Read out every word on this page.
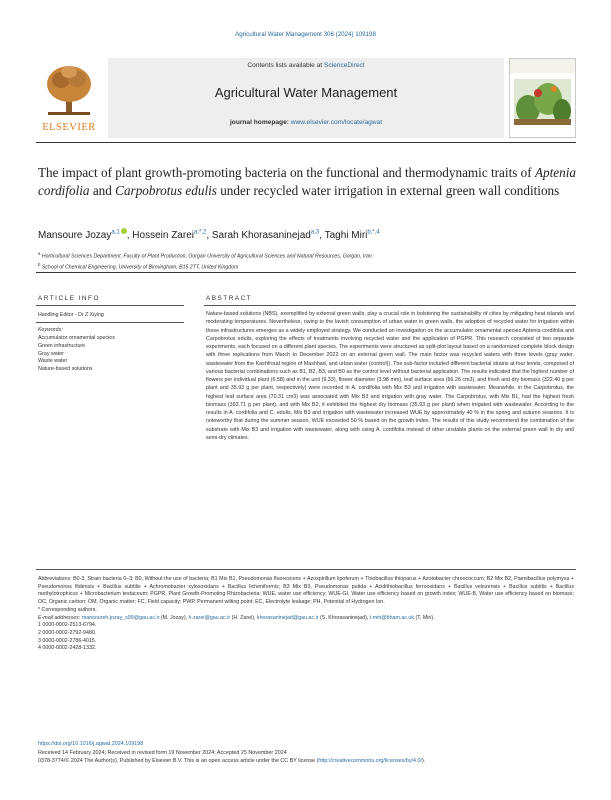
Agricultural Water Management 306 (2024) 109198
ELSEVIER
Contents lists available at ScienceDirect
Agricultural Water Management
journal homepage: www.elsevier.com/locate/agwat
The impact of plant growth-promoting bacteria on the functional and thermodynamic traits of Aptenia cordifolia and Carpobrotus edulis under recycled water irrigation in external green wall conditions
Mansoure Jozay$^{a,1}$ , Hossein Zarei$^{a,*,2}$, Sarah Khorasaninejad$^{a,3}$, Taghi Miri$^{b,*,4}$
$^a$ Horticultural Sciences Department, Faculty of Plant Production, Gorgan University of Agricultural Sciences and Natural Resources, Gorgan, Iran
$^b$ School of Chemical Engineering, University of Birmingham, B15 2TT, United Kingdom
ARTICLE INFO
Handling Editor - Dr Z Xiying
Keywords:
Accumulator ornamental species
Green infrastructure
Gray water
Waste water
Nature-based solutions
ABSTRACT
Nature-based solutions (NBS), exemplified by external green walls, play a crucial role in bolstering the sustainability of cities by mitigating heat islands and moderating temperatures. Nevertheless, owing to the lavish consumption of urban water in green walls, the adoption of recycled water for irrigation within these infrastructures emerges as a widely employed strategy. We conducted an investigation on the accumulator ornamental species Aptenia cordifolia and Carpobrotus edulis, exploring the effects of treatments involving recycled water and the application of PGPR. This research consisted of two separate experiments, each focused on a different plant species. The experiments were structured as split-plot layout based on a randomized complete block design with three replications from March to December 2022 on an external green wall. The main factor was recycled waters with three levels (gray water, wastewater from the Kashfroud region of Mashhad, and urban water (control)). The sub-factor included different bacterial strains at four levels, composed of various bacterial combinations such as B1, B2, B3, and B0 as the control level without bacterial application. The results indicated that the highest number of flowers per individual plant (6.58) and in the unit (9.33), flower diameter (3.98 mm), leaf surface area (66.26 cm3), and fresh and dry biomass (322.40 g per plant and 35.93 g per plant, respectively) were recorded in A. cordifolia with Mix B3 and irrigation with wastewater. Meanwhile, in the Carpobrotus, the highest leaf surface area (70.31 cm3) was associated with Mix B3 and irrigation with gray water. The Carpobrotus, with Mix B1, had the highest fresh biomass (393.71 g per plant), and with Mix B2, it exhibited the highest dry biomass (35.93 g per plant) when irrigated with wastewater. According to the results in A. cordifolia and C. edulis, Mix B3 and irrigation with wastewater increased WUE by approximately 40 % in the spring and autumn seasons. It is noteworthy that during the summer season, WUE exceeded 50 % based on the growth index. The results of this study recommend the combination of the substrate with Mix B3 and irrigation with wastewater, along with using A. cordifolia instead of other unstable plants on the external green wall in dry and semi-dry climates.
Abbreviations: B0-3, Strain bacteria 0–3; B0, Without the use of bacteria; B1 Mix B1, Pseudomonas fluorescens + Azospirillum lipoferum + Thiobacillus thioparus + Azotobacter chroococcum; B2 Mix B2, Paenibacillus polymyxa + Pseudomonas fildensis + Bacillus subtilis + Achromobacter xylosoxidans + Bacillus licheniformis; B3 Mix B3, Pseudomonas putida + Acidithiobacillus ferrooxidans + Bacillus velezensis + Bacillus subtilis + Bacillus methylotrophicus + Microbacterium testaceum; PGPR, Plant Growth-Promoting Rhizobacteria; WUE, water use efficiency; WUE-GI, Water use efficiency based on growth index; WUE-B, Water use efficiency based on biomass; OC, Organic carbon; OM, Organic matter; FC, Field capacity; PWP, Permanent wilting point; EC, Electrolyte leakage; PH, Potential of Hydrogen Ion.
* Corresponding authors.
E-mail addresses: mansoureh.jozay_s99@gau.ac.ir (M. Jozay), h.zarei@gau.ac.ir (H. Zarei), khorasaninejad@gau.ac.ir (S. Khorasaninejad), t.miri@bham.ac.uk (T. Miri).
1 0000-0002-2513-6794.
2 0000-0002-2792-9480.
3 0000-0002-2786-4015.
4 0000-0002-2428-1332.
https://doi.org/10.1016/j.agwat.2024.109198
Received 14 February 2024; Received in revised form 19 November 2024; Accepted 25 November 2024
0378-3774/© 2024 The Author(s). Published by Elsevier B.V. This is an open access article under the CC BY license (http://creativecommons.org/licenses/by/4.0/).
